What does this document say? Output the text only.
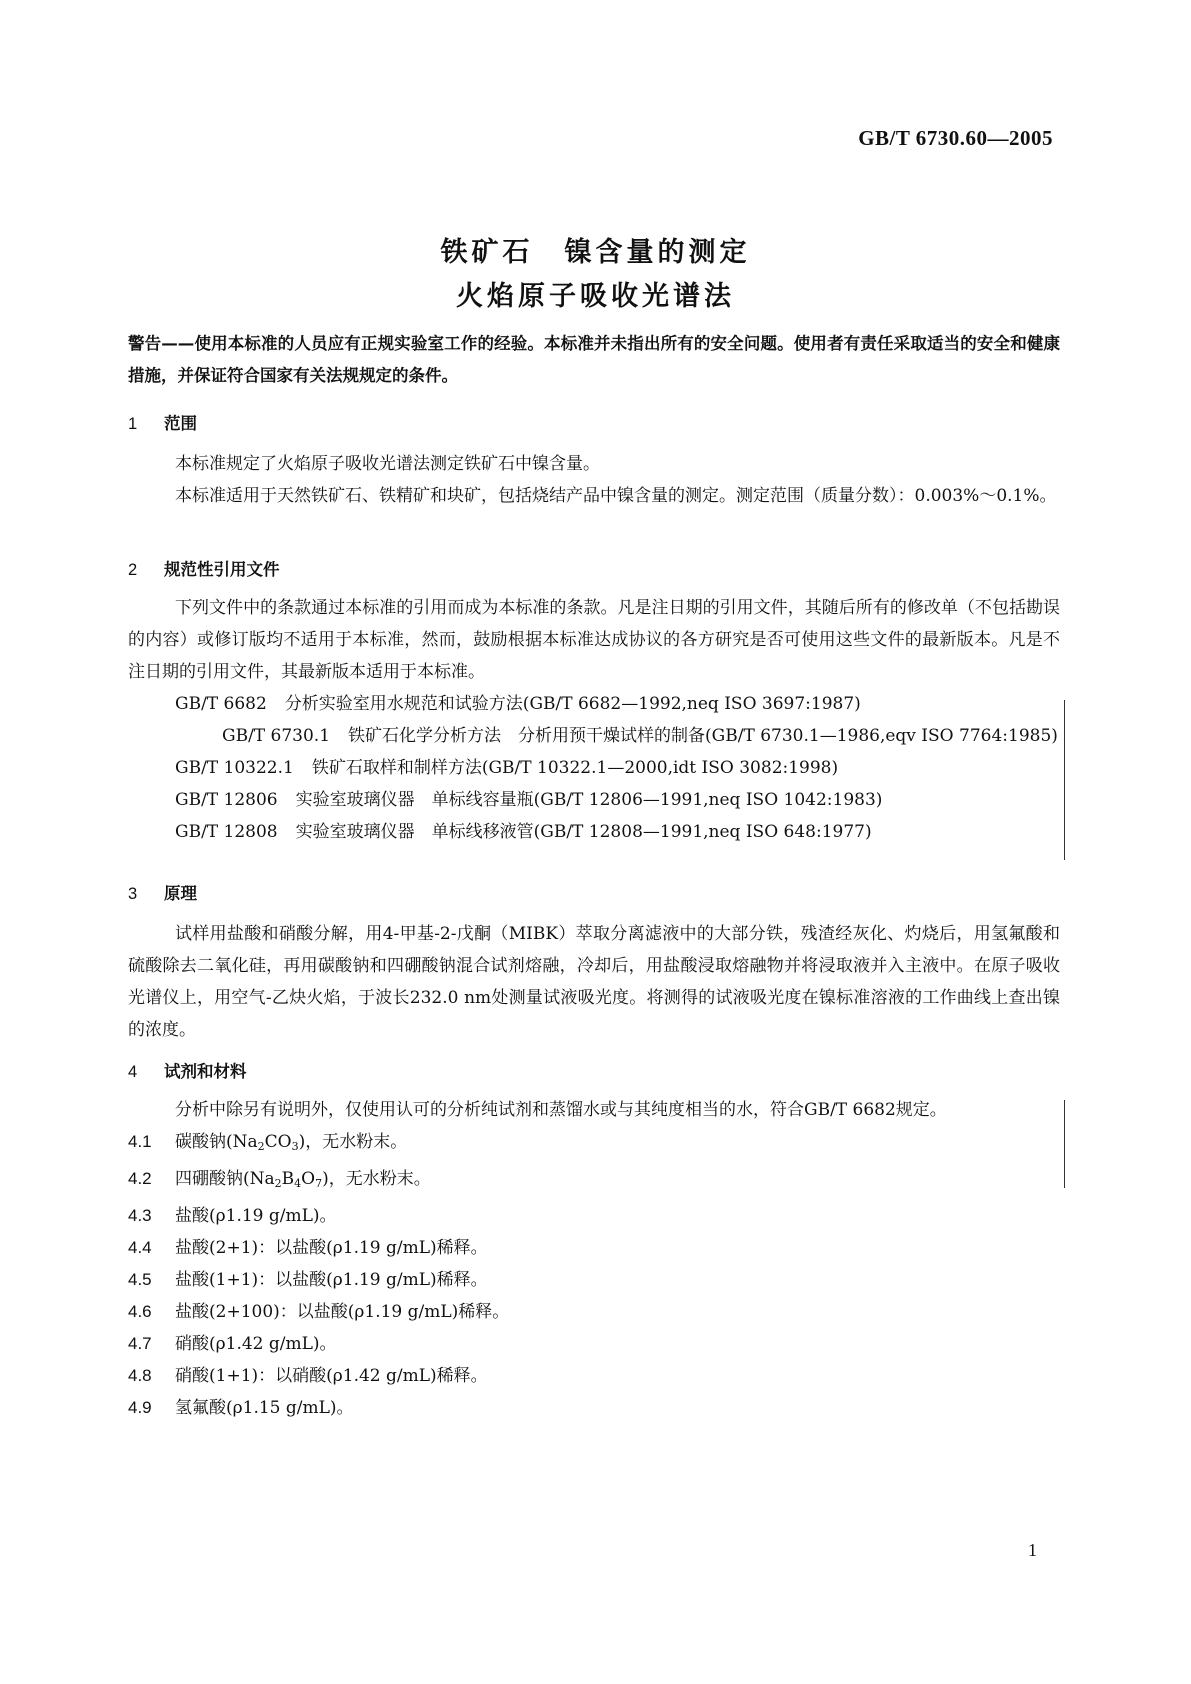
GB/T 6730.60—2005
铁矿石　镍含量的测定
火焰原子吸收光谱法
警告——使用本标准的人员应有正规实验室工作的经验。本标准并未指出所有的安全问题。使用者有责任采取适当的安全和健康措施，并保证符合国家有关法规规定的条件。
1 范围
本标准规定了火焰原子吸收光谱法测定铁矿石中镍含量。
本标准适用于天然铁矿石、铁精矿和块矿，包括烧结产品中镍含量的测定。测定范围（质量分数）：0.003%～0.1%。
2 规范性引用文件
下列文件中的条款通过本标准的引用而成为本标准的条款。凡是注日期的引用文件，其随后所有的修改单（不包括勘误的内容）或修订版均不适用于本标准，然而，鼓励根据本标准达成协议的各方研究是否可使用这些文件的最新版本。凡是不注日期的引用文件，其最新版本适用于本标准。
GB/T 6682 分析实验室用水规范和试验方法(GB/T 6682—1992,neq ISO 3697:1987)
GB/T 6730.1 铁矿石化学分析方法　分析用预干燥试样的制备(GB/T 6730.1—1986,eqv ISO 7764:1985)
GB/T 10322.1 铁矿石取样和制样方法(GB/T 10322.1—2000,idt ISO 3082:1998)
GB/T 12806 实验室玻璃仪器　单标线容量瓶(GB/T 12806—1991,neq ISO 1042:1983)
GB/T 12808 实验室玻璃仪器　单标线移液管(GB/T 12808—1991,neq ISO 648:1977)
3 原理
试样用盐酸和硝酸分解，用4-甲基-2-戊酮（MIBK）萃取分离滤液中的大部分铁，残渣经灰化、灼烧后，用氢氟酸和硫酸除去二氧化硅，再用碳酸钠和四硼酸钠混合试剂熔融，冷却后，用盐酸浸取熔融物并将浸取液并入主液中。在原子吸收光谱仪上，用空气-乙炔火焰，于波长232.0 nm处测量试液吸光度。将测得的试液吸光度在镍标准溶液的工作曲线上查出镍的浓度。
4 试剂和材料
分析中除另有说明外，仅使用认可的分析纯试剂和蒸馏水或与其纯度相当的水，符合GB/T 6682规定。
4.1 碳酸钠$(Na_2CO_3)$，无水粉末。
4.2 四硼酸钠$(Na_2B_4O_7)$，无水粉末。
4.3 盐酸(ρ1.19 g/mL)。
4.4 盐酸(2+1)：以盐酸(ρ1.19 g/mL)稀释。
4.5 盐酸(1+1)：以盐酸(ρ1.19 g/mL)稀释。
4.6 盐酸(2+100)：以盐酸(ρ1.19 g/mL)稀释。
4.7 硝酸(ρ1.42 g/mL)。
4.8 硝酸(1+1)：以硝酸(ρ1.42 g/mL)稀释。
4.9 氢氟酸(ρ1.15 g/mL)。
1
